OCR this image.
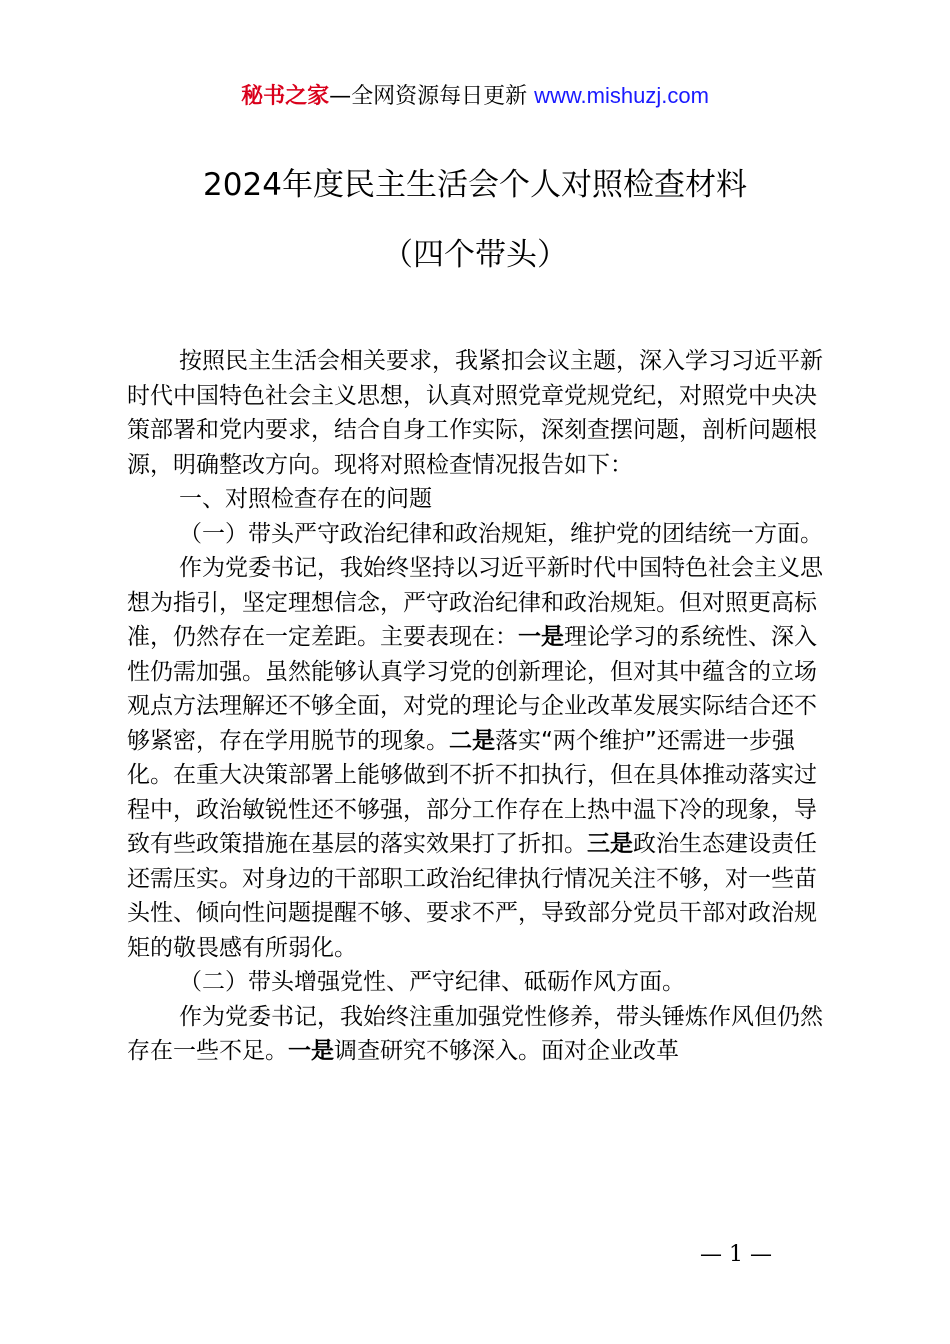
秘书之家—全网资源每日更新 www.mishuzj.com
2024年度民主生活会个人对照检查材料
（四个带头）

按照民主生活会相关要求，我紧扣会议主题，深入学习习近平新时代中国特色社会主义思想，认真对照党章党规党纪，对照党中央决策部署和党内要求，结合自身工作实际，深刻查摆问题，剖析问题根源，明确整改方向。现将对照检查情况报告如下：

一、对照检查存在的问题

（一）带头严守政治纪律和政治规矩，维护党的团结统一方面。

作为党委书记，我始终坚持以习近平新时代中国特色社会主义思想为指引，坚定理想信念，严守政治纪律和政治规矩。但对照更高标准，仍然存在一定差距。主要表现在：一是理论学习的系统性、深入性仍需加强。虽然能够认真学习党的创新理论，但对其中蕴含的立场观点方法理解还不够全面，对党的理论与企业改革发展实际结合还不够紧密，存在学用脱节的现象。二是落实“两个维护”还需进一步强化。在重大决策部署上能够做到不折不扣执行，但在具体推动落实过程中，政治敏锐性还不够强，部分工作存在上热中温下冷的现象，导致有些政策措施在基层的落实效果打了折扣。三是政治生态建设责任还需压实。对身边的干部职工政治纪律执行情况关注不够，对一些苗头性、倾向性问题提醒不够、要求不严，导致部分党员干部对政治规矩的敬畏感有所弱化。

（二）带头增强党性、严守纪律、砥砺作风方面。

作为党委书记，我始终注重加强党性修养，带头锤炼作风但仍然存在一些不足。一是调查研究不够深入。面对企业改革

— 1 —
